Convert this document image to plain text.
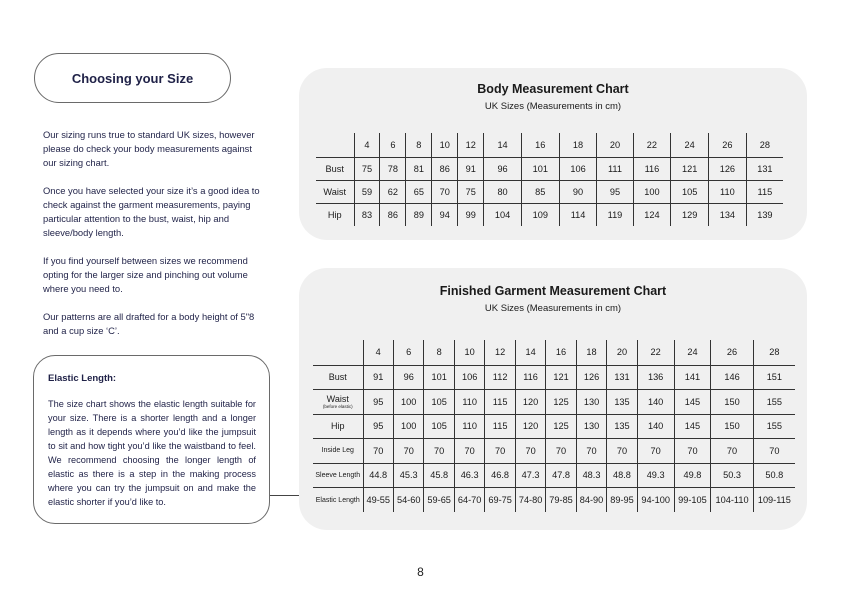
Choosing your Size

Our sizing runs true to standard UK sizes, however please do check your body measurements against our sizing chart.

Once you have selected your size it’s a good idea to check against the garment measurements, paying particular attention to the bust, waist, hip and sleeve/body length.

If you find yourself between sizes we recommend opting for the larger size and pinching out volume where you need to.

Our patterns are all drafted for a body height of 5"8 and a cup size ‘C’.

Elastic Length:

The size chart shows the elastic length suitable for your size. There is a shorter length and a longer length as it depends where you’d like the jumpsuit to sit and how tight you’d like the waistband to feel. We recommend choosing the longer length of elastic as there is a step in the making process where you can try the jumpsuit on and make the elastic shorter if you’d like to.

Body Measurement Chart
UK Sizes (Measurements in cm)
	4	6	8	10	12	14	16	18	20	22	24	26	28
Bust	75	78	81	86	91	96	101	106	111	116	121	126	131
Waist	59	62	65	70	75	80	85	90	95	100	105	110	115
Hip	83	86	89	94	99	104	109	114	119	124	129	134	139
Finished Garment Measurement Chart
UK Sizes (Measurements in cm)
	4	6	8	10	12	14	16	18	20	22	24	26	28
Bust	91	96	101	106	112	116	121	126	131	136	141	146	151
Waist
(before elastic)	95	100	105	110	115	120	125	130	135	140	145	150	155
Hip	95	100	105	110	115	120	125	130	135	140	145	150	155
Inside Leg	70	70	70	70	70	70	70	70	70	70	70	70	70
Sleeve Length	44.8	45.3	45.8	46.3	46.8	47.3	47.8	48.3	48.8	49.3	49.8	50.3	50.8
Elastic Length	49-55	54-60	59-65	64-70	69-75	74-80	79-85	84-90	89-95	94-100	99-105	104-110	109-115
8
